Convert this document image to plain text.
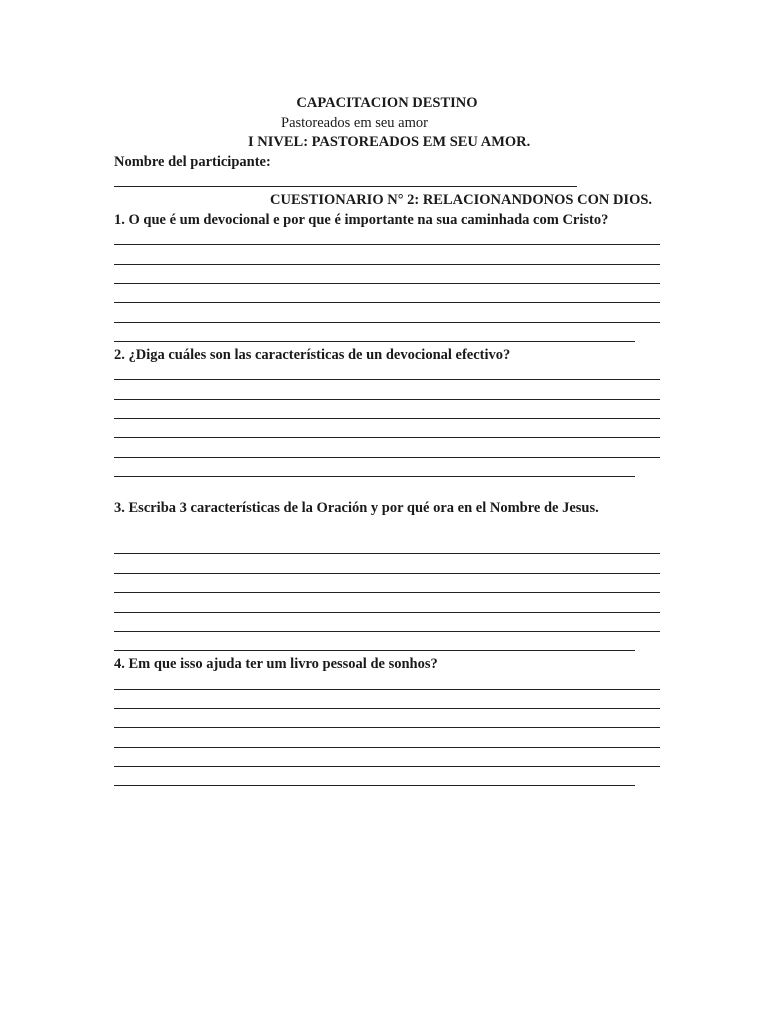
CAPACITACION DESTINO
Pastoreados em seu amor
I NIVEL: PASTOREADOS EM SEU AMOR.
Nombre del participante:
CUESTIONARIO N° 2: RELACIONANDONOS CON DIOS.
1. O que é um devocional e por que é importante na sua caminhada com Cristo?
2. ¿Diga cuáles son las características de un devocional efectivo?
3. Escriba 3 características de la Oración y por qué ora en el Nombre de Jesus.
4. Em que isso ajuda ter um livro pessoal de sonhos?
